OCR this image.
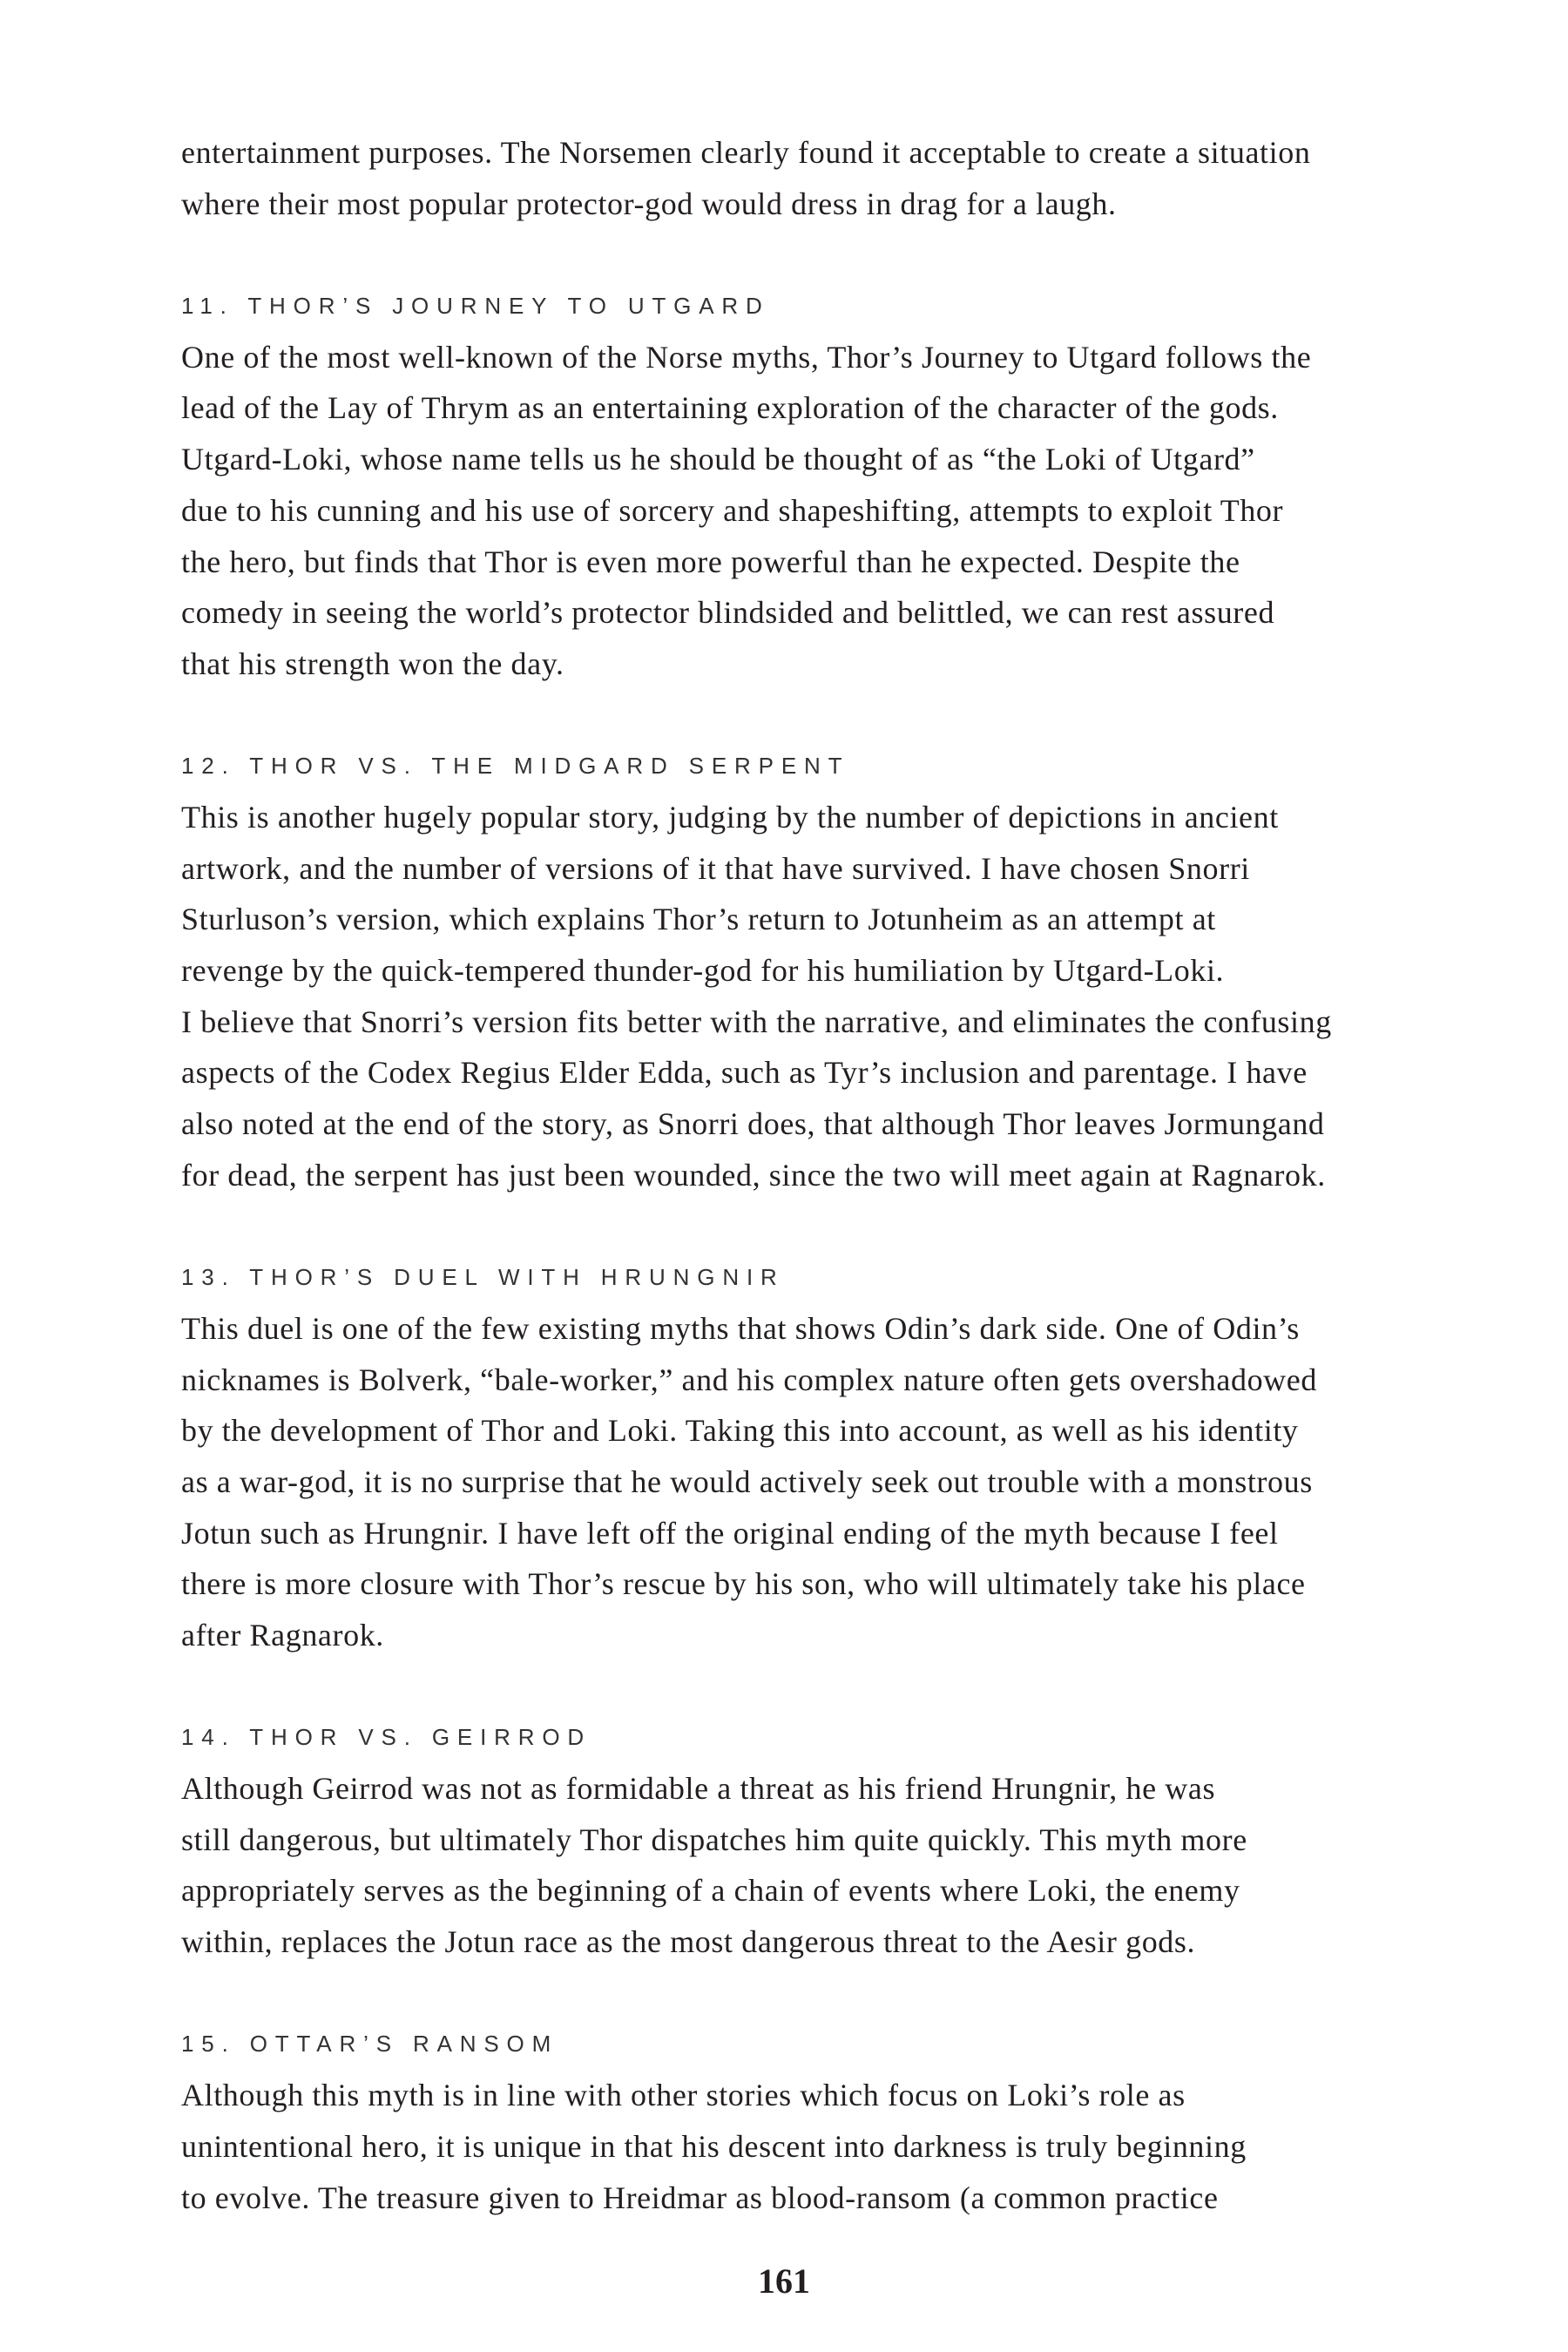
entertainment purposes. The Norsemen clearly found it acceptable to create a situation
where their most popular protector-god would dress in drag for a laugh.
11. THOR’S JOURNEY TO UTGARD
One of the most well-known of the Norse myths, Thor’s Journey to Utgard follows the
lead of the Lay of Thrym as an entertaining exploration of the character of the gods.
Utgard-Loki, whose name tells us he should be thought of as “the Loki of Utgard”
due to his cunning and his use of sorcery and shapeshifting, attempts to exploit Thor
the hero, but finds that Thor is even more powerful than he expected. Despite the
comedy in seeing the world’s protector blindsided and belittled, we can rest assured
that his strength won the day.
12. THOR VS. THE MIDGARD SERPENT
This is another hugely popular story, judging by the number of depictions in ancient
artwork, and the number of versions of it that have survived. I have chosen Snorri
Sturluson’s version, which explains Thor’s return to Jotunheim as an attempt at
revenge by the quick-tempered thunder-god for his humiliation by Utgard-Loki.
I believe that Snorri’s version fits better with the narrative, and eliminates the confusing
aspects of the Codex Regius Elder Edda, such as Tyr’s inclusion and parentage. I have
also noted at the end of the story, as Snorri does, that although Thor leaves Jormungand
for dead, the serpent has just been wounded, since the two will meet again at Ragnarok.
13. THOR’S DUEL WITH HRUNGNIR
This duel is one of the few existing myths that shows Odin’s dark side. One of Odin’s
nicknames is Bolverk, “bale-worker,” and his complex nature often gets overshadowed
by the development of Thor and Loki. Taking this into account, as well as his identity
as a war-god, it is no surprise that he would actively seek out trouble with a monstrous
Jotun such as Hrungnir. I have left off the original ending of the myth because I feel
there is more closure with Thor’s rescue by his son, who will ultimately take his place
after Ragnarok.
14. THOR VS. GEIRROD
Although Geirrod was not as formidable a threat as his friend Hrungnir, he was
still dangerous, but ultimately Thor dispatches him quite quickly. This myth more
appropriately serves as the beginning of a chain of events where Loki, the enemy
within, replaces the Jotun race as the most dangerous threat to the Aesir gods.
15. OTTAR’S RANSOM
Although this myth is in line with other stories which focus on Loki’s role as
unintentional hero, it is unique in that his descent into darkness is truly beginning
to evolve. The treasure given to Hreidmar as blood-ransom (a common practice
161
